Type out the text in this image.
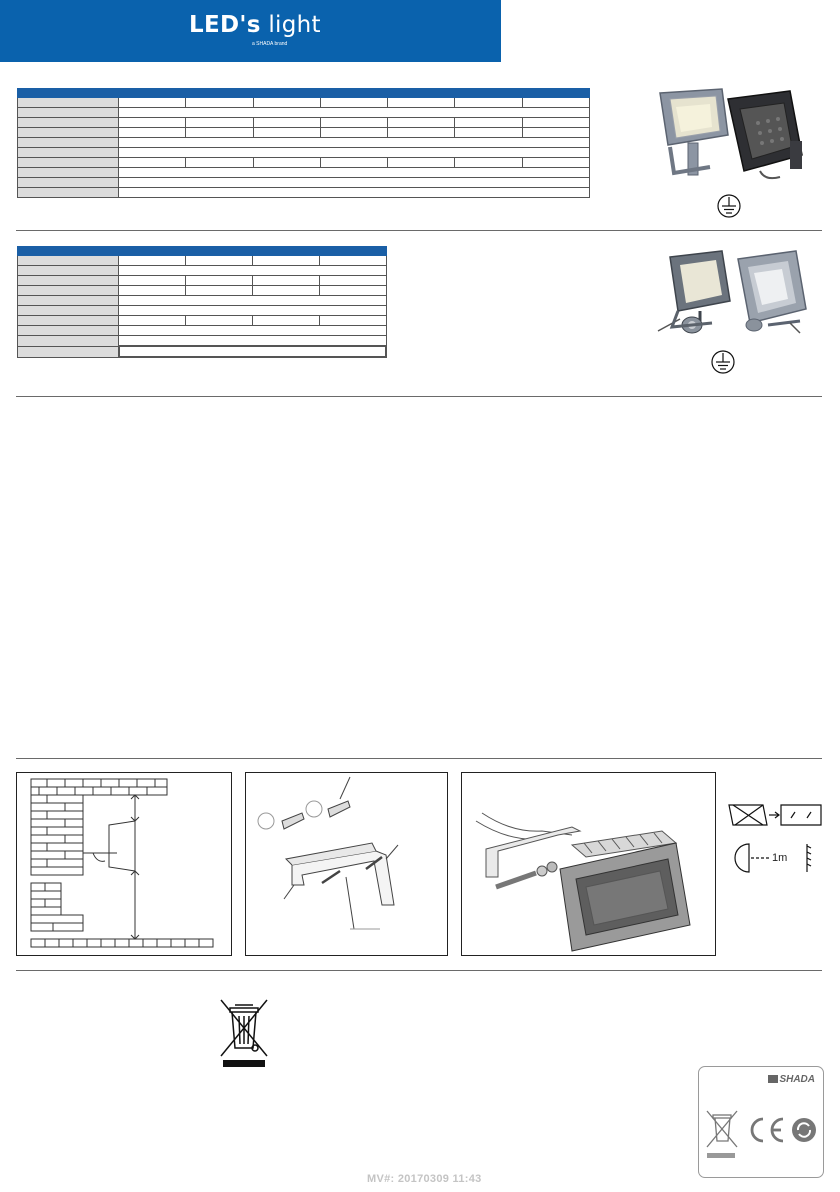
LED's light
a SHADA brand

1m
SHADA
MV#: 20170309 11:43
